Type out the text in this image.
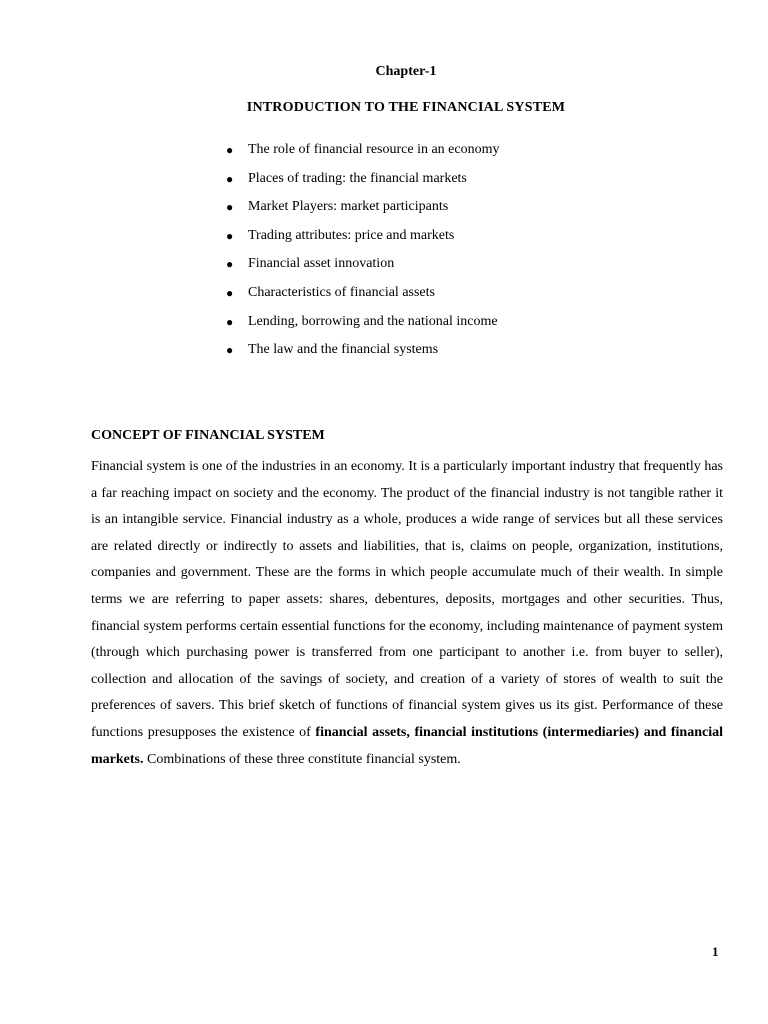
Chapter-1
INTRODUCTION TO THE FINANCIAL SYSTEM
● The role of financial resource in an economy
● Places of trading: the financial markets
● Market Players: market participants
● Trading attributes: price and markets
● Financial asset innovation
● Characteristics of financial assets
● Lending, borrowing and the national income
● The law and the financial systems
CONCEPT OF FINANCIAL SYSTEM

Financial system is one of the industries in an economy. It is a particularly important industry that frequently has a far reaching impact on society and the economy. The product of the financial industry is not tangible rather it is an intangible service. Financial industry as a whole, produces a wide range of services but all these services are related directly or indirectly to assets and liabilities, that is, claims on people, organization, institutions, companies and government. These are the forms in which people accumulate much of their wealth. In simple terms we are referring to paper assets: shares, debentures, deposits, mortgages and other securities. Thus, financial system performs certain essential functions for the economy, including maintenance of payment system (through which purchasing power is transferred from one participant to another i.e. from buyer to seller), collection and allocation of the savings of society, and creation of a variety of stores of wealth to suit the preferences of savers. This brief sketch of functions of financial system gives us its gist. Performance of these functions presupposes the existence of financial assets, financial institutions (intermediaries) and financial markets. Combinations of these three constitute financial system.

1
